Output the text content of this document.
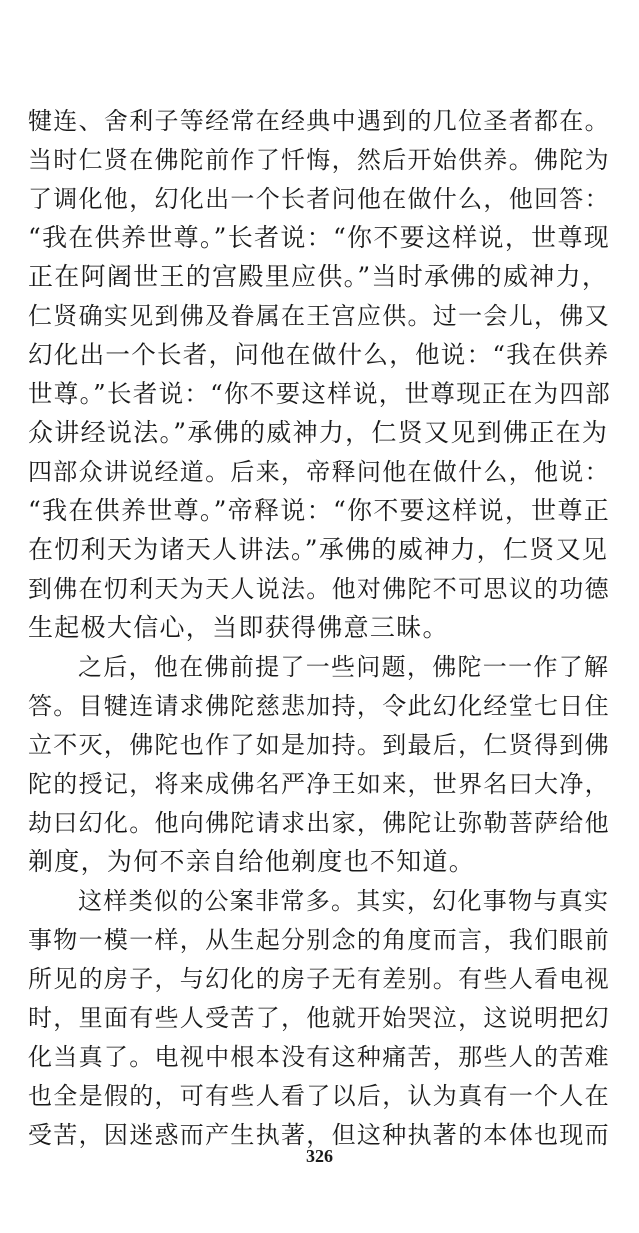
犍连、舍利子等经常在经典中遇到的几位圣者都在。
当时仁贤在佛陀前作了忏悔，然后开始供养。佛陀为
了调化他，幻化出一个长者问他在做什么，他回答：
“我在供养世尊。”长者说：“你不要这样说，世尊现
正在阿阇世王的宫殿里应供。”当时承佛的威神力，
仁贤确实见到佛及眷属在王宫应供。过一会儿，佛又
幻化出一个长者，问他在做什么，他说：“我在供养
世尊。”长者说：“你不要这样说，世尊现正在为四部
众讲经说法。”承佛的威神力，仁贤又见到佛正在为
四部众讲说经道。后来，帝释问他在做什么，他说：
“我在供养世尊。”帝释说：“你不要这样说，世尊正
在忉利天为诸天人讲法。”承佛的威神力，仁贤又见
到佛在忉利天为天人说法。他对佛陀不可思议的功德
生起极大信心，当即获得佛意三昧。
之后，他在佛前提了一些问题，佛陀一一作了解
答。目犍连请求佛陀慈悲加持，令此幻化经堂七日住
立不灭，佛陀也作了如是加持。到最后，仁贤得到佛
陀的授记，将来成佛名严净王如来，世界名曰大净，
劫曰幻化。他向佛陀请求出家，佛陀让弥勒菩萨给他
剃度，为何不亲自给他剃度也不知道。
这样类似的公案非常多。其实，幻化事物与真实
事物一模一样，从生起分别念的角度而言，我们眼前
所见的房子，与幻化的房子无有差别。有些人看电视
时，里面有些人受苦了，他就开始哭泣，这说明把幻
化当真了。电视中根本没有这种痛苦，那些人的苦难
也全是假的，可有些人看了以后，认为真有一个人在
受苦，因迷惑而产生执著，但这种执著的本体也现而
326
